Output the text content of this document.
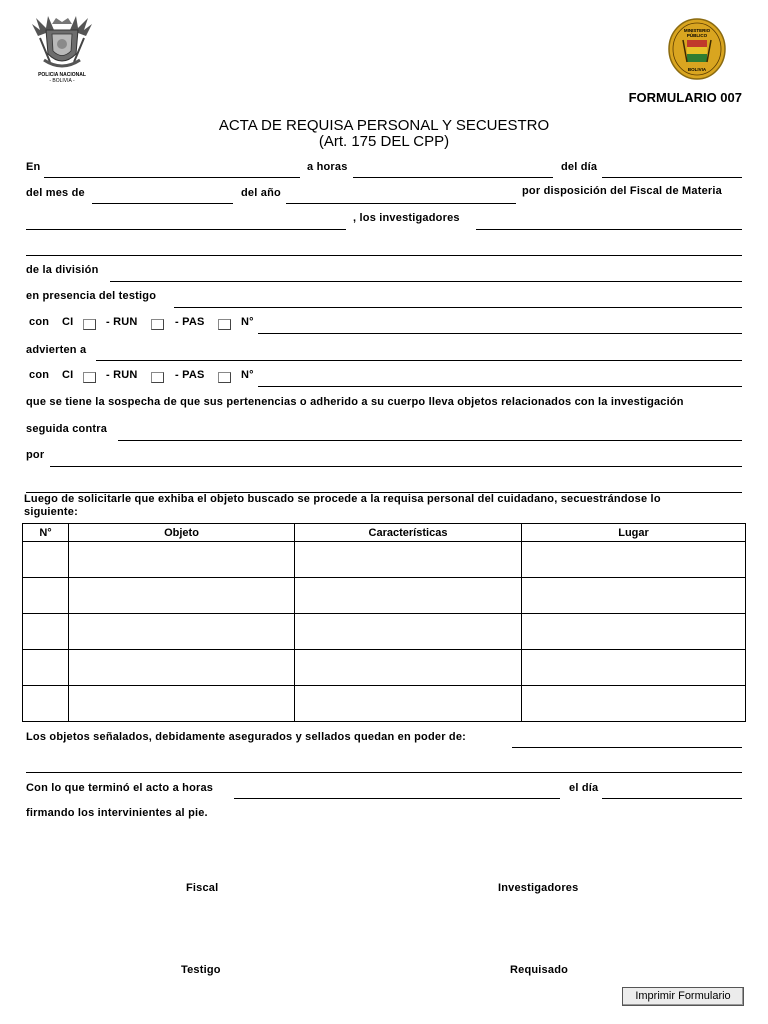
POLICIA NACIONAL
- BOLIVIA -
MINISTERIO
PÚBLICO
BOLIVIA
FORMULARIO 007
ACTA DE REQUISA PERSONAL Y SECUESTRO
(Art. 175 DEL CPP)
En	a horas	del día
del mes de	del año	por disposición del Fiscal de Materia
, los investigadores
de la división
en presencia del testigo
con CI	- RUN	- PAS	N°
advierten a
con CI	- RUN	- PAS	N°
que se tiene la sospecha de que sus pertenencias o adherido a su cuerpo lleva objetos relacionados con la investigación
seguida contra
por
Luego de solicitarle que exhiba el objeto buscado se procede a la requisa personal del cuidadano, secuestrándose lo
siguiente:
N°	Objeto	Características	Lugar

Los objetos señalados, debidamente asegurados y sellados quedan en poder de:
Con lo que terminó el acto a horas	el día
firmando los intervinientes al pie.
Fiscal	Investigadores
Testigo	Requisado
Imprimir Formulario
